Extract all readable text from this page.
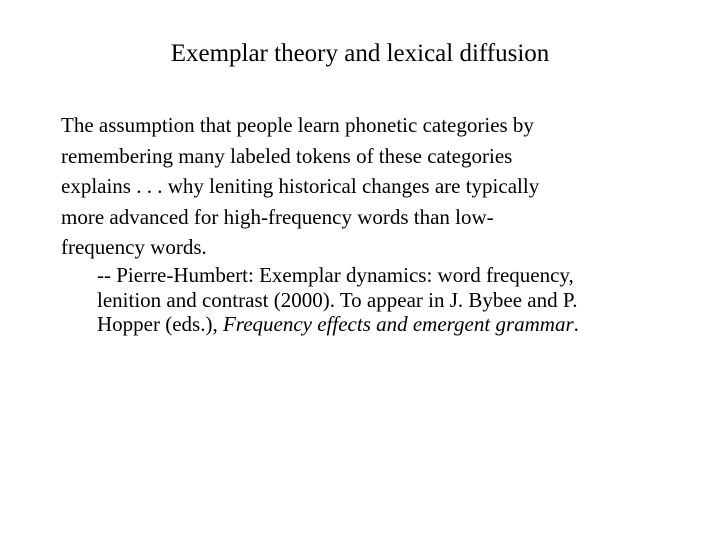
Exemplar theory and lexical diffusion
The assumption that people learn phonetic categories by
remembering many labeled tokens of these categories
explains . . . why leniting historical changes are typically
more advanced for high-frequency words than low-
frequency words.
-- Pierre-Humbert: Exemplar dynamics: word frequency,
lenition and contrast (2000). To appear in J. Bybee and P.
Hopper (eds.), Frequency effects and emergent grammar.
